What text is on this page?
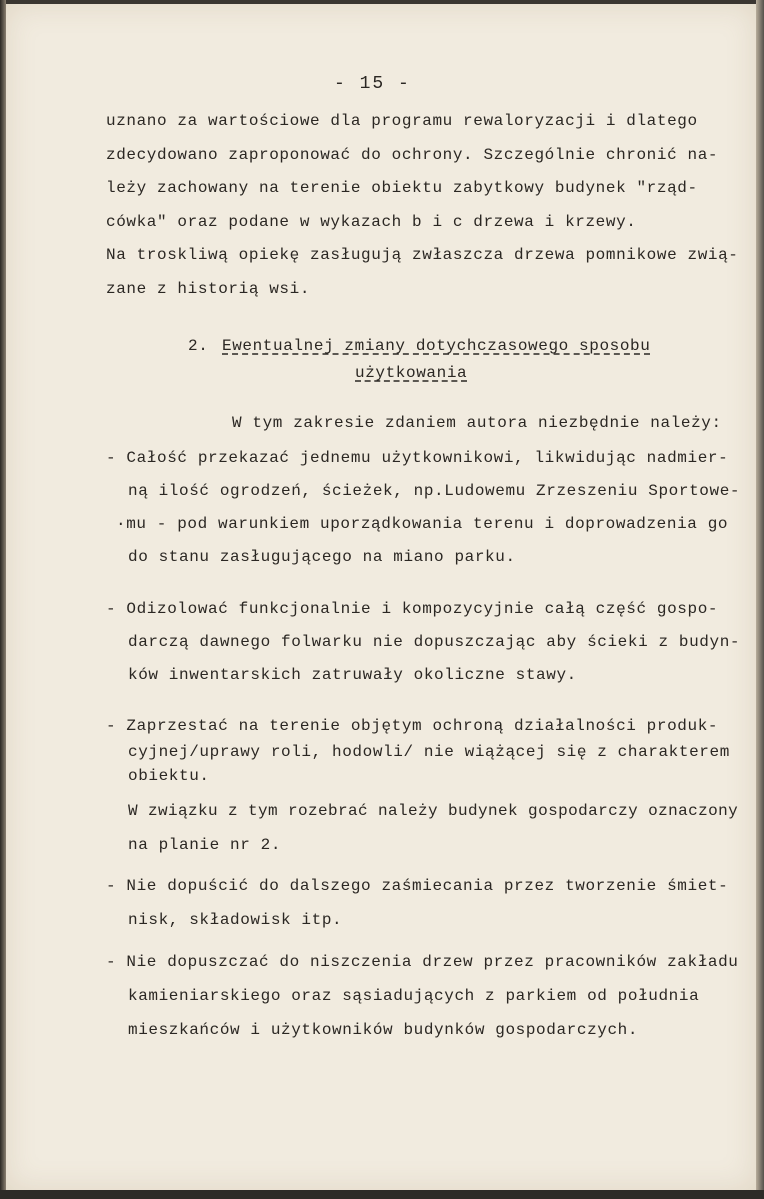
- 15 -

uznano za wartościowe dla programu rewaloryzacji i dlatego

zdecydowano zaproponować do ochrony. Szczególnie chronić na-

leży zachowany na terenie obiektu zabytkowy budynek "rząd-

cówka" oraz podane w wykazach b i c drzewa i krzewy.

Na troskliwą opiekę zasługują zwłaszcza drzewa pomnikowe zwią-

zane z historią wsi.

2. Ewentualnej zmiany dotychczasowego sposobu

użytkowania

W tym zakresie zdaniem autora niezbędnie należy:

- Całość przekazać jednemu użytkownikowi, likwidując nadmier-

ną ilość ogrodzeń, ścieżek, np.Ludowemu Zrzeszeniu Sportowe-

·mu - pod warunkiem uporządkowania terenu i doprowadzenia go

do stanu zasługującego na miano parku.

- Odizolować funkcjonalnie i kompozycyjnie całą część gospo-

darczą dawnego folwarku nie dopuszczając aby ścieki z budyn-

ków inwentarskich zatruwały okoliczne stawy.

- Zaprzestać na terenie objętym ochroną działalności produk-

cyjnej/uprawy roli, hodowli/ nie wiążącej się z charakterem

obiektu.

W związku z tym rozebrać należy budynek gospodarczy oznaczony

na planie nr 2.

- Nie dopuścić do dalszego zaśmiecania przez tworzenie śmiet-

nisk, składowisk itp.

- Nie dopuszczać do niszczenia drzew przez pracowników zakładu

kamieniarskiego oraz sąsiadujących z parkiem od południa

mieszkańców i użytkowników budynków gospodarczych.
